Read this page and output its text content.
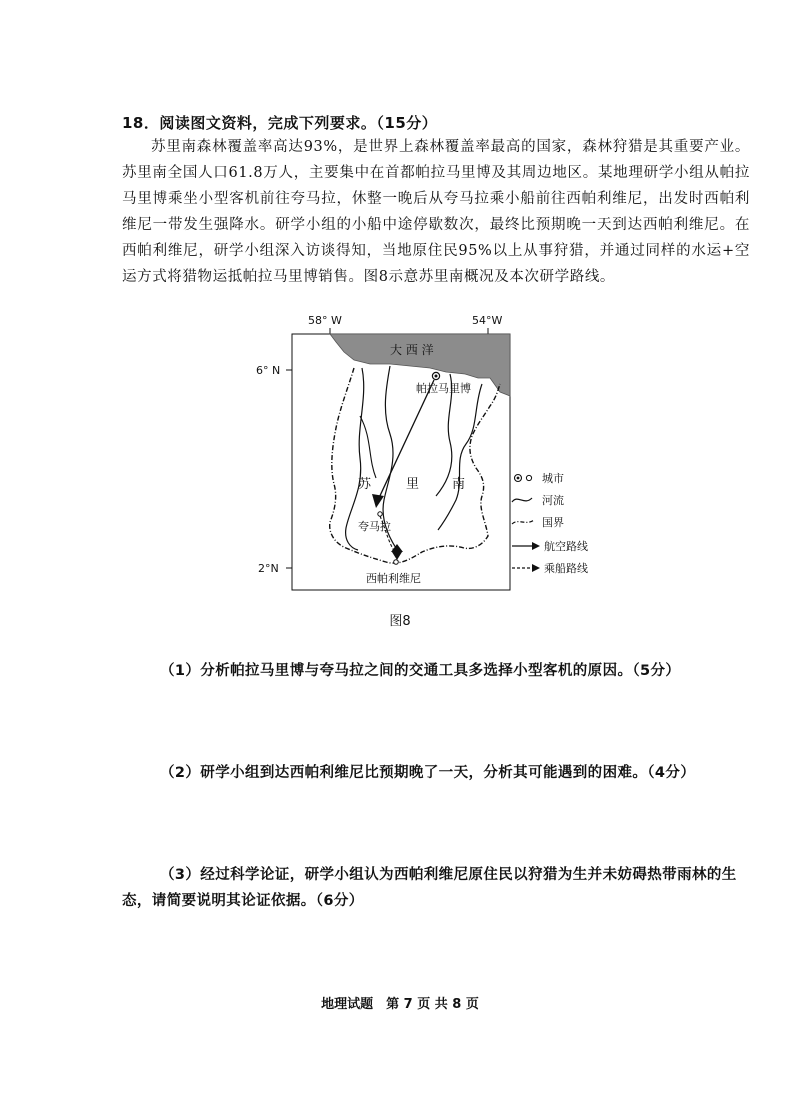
18．阅读图文资料，完成下列要求。（15分）
苏里南森林覆盖率高达93%，是世界上森林覆盖率最高的国家，森林狩猎是其重要产业。苏里南全国人口61.8万人，主要集中在首都帕拉马里博及其周边地区。某地理研学小组从帕拉马里博乘坐小型客机前往夸马拉，休整一晚后从夸马拉乘小船前往西帕利维尼，出发时西帕利维尼一带发生强降水。研学小组的小船中途停歇数次，最终比预期晚一天到达西帕利维尼。在西帕利维尼，研学小组深入访谈得知，当地原住民95%以上从事狩猎，并通过同样的水运+空运方式将猎物运抵帕拉马里博销售。图8示意苏里南概况及本次研学路线。
58° W	54°W
6° N
2°N
大 西 洋
帕拉马里博
苏	里	南
夸马拉
西帕利维尼
城市
河流
国界
航空路线
乘船路线
图8
（1）分析帕拉马里博与夸马拉之间的交通工具多选择小型客机的原因。（5分）
（2）研学小组到达西帕利维尼比预期晚了一天，分析其可能遇到的困难。（4分）
（3）经过科学论证，研学小组认为西帕利维尼原住民以狩猎为生并未妨碍热带雨林的生态，请简要说明其论证依据。（6分）
地理试题　第 7 页 共 8 页
